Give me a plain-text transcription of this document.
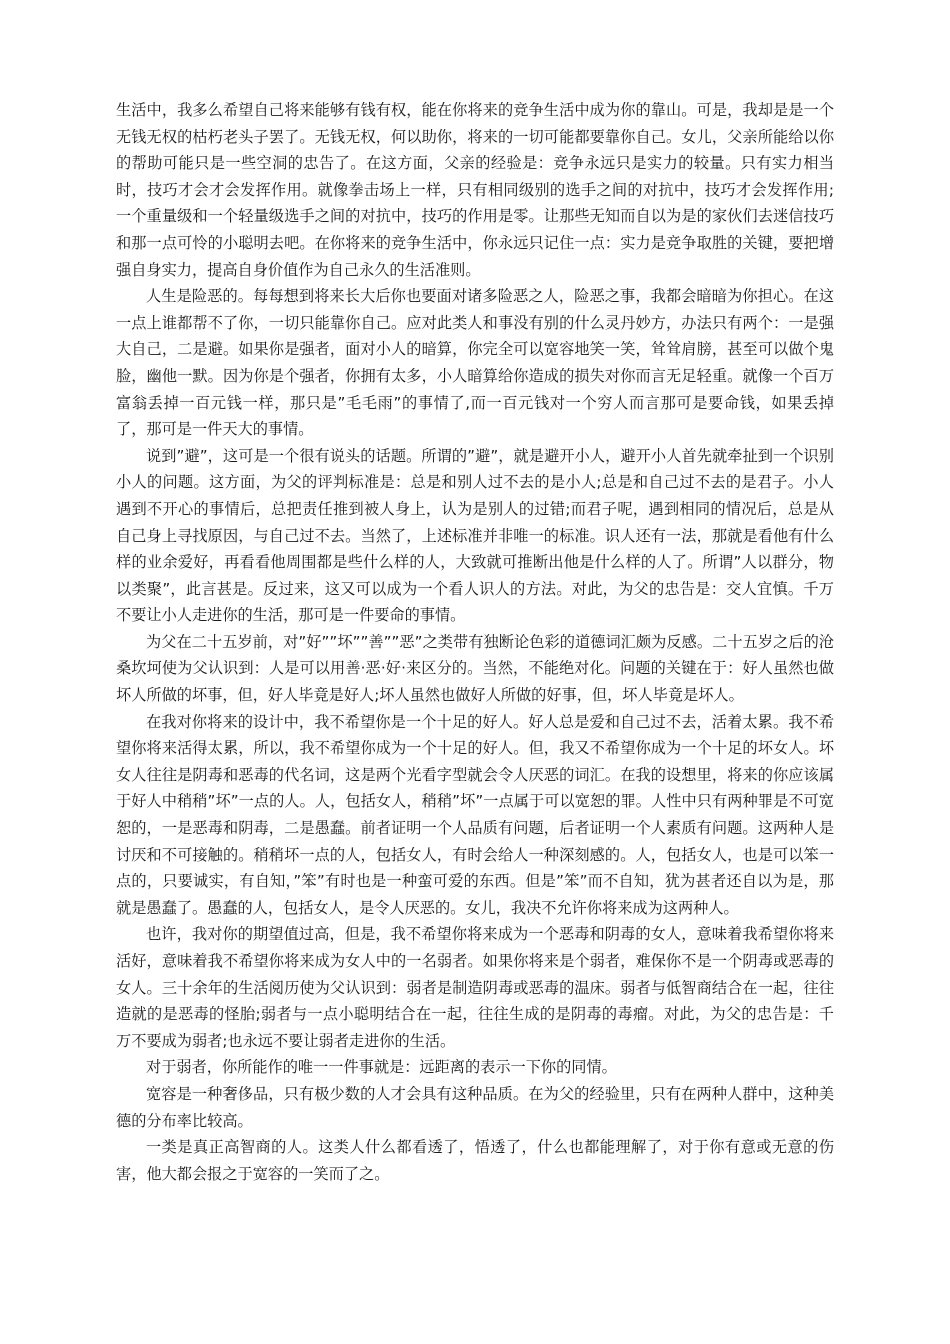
生活中，我多么希望自己将来能够有钱有权，能在你将来的竞争生活中成为你的靠山。可是，我却是是一个无钱无权的枯朽老头子罢了。无钱无权，何以助你，将来的一切可能都要靠你自己。女儿，父亲所能给以你的帮助可能只是一些空洞的忠告了。在这方面，父亲的经验是：竞争永远只是实力的较量。只有实力相当时，技巧才会才会发挥作用。就像拳击场上一样，只有相同级别的选手之间的对抗中，技巧才会发挥作用;一个重量级和一个轻量级选手之间的对抗中，技巧的作用是零。让那些无知而自以为是的家伙们去迷信技巧和那一点可怜的小聪明去吧。在你将来的竞争生活中，你永远只记住一点：实力是竞争取胜的关键，要把增强自身实力，提高自身价值作为自己永久的生活准则。

人生是险恶的。每每想到将来长大后你也要面对诸多险恶之人，险恶之事，我都会暗暗为你担心。在这一点上谁都帮不了你，一切只能靠你自己。应对此类人和事没有别的什么灵丹妙方，办法只有两个：一是强大自己，二是避。如果你是强者，面对小人的暗算，你完全可以宽容地笑一笑，耸耸肩膀，甚至可以做个鬼脸，幽他一默。因为你是个强者，你拥有太多，小人暗算给你造成的损失对你而言无足轻重。就像一个百万富翁丢掉一百元钱一样，那只是”毛毛雨”的事情了,而一百元钱对一个穷人而言那可是要命钱，如果丢掉了，那可是一件天大的事情。

说到”避”，这可是一个很有说头的话题。所谓的”避”，就是避开小人，避开小人首先就牵扯到一个识别小人的问题。这方面，为父的评判标准是：总是和别人过不去的是小人;总是和自己过不去的是君子。小人遇到不开心的事情后，总把责任推到被人身上，认为是别人的过错;而君子呢，遇到相同的情况后，总是从自己身上寻找原因，与自己过不去。当然了，上述标准并非唯一的标准。识人还有一法，那就是看他有什么样的业余爱好，再看看他周围都是些什么样的人，大致就可推断出他是什么样的人了。所谓”人以群分，物以类聚”，此言甚是。反过来，这又可以成为一个看人识人的方法。对此，为父的忠告是：交人宜慎。千万不要让小人走进你的生活，那可是一件要命的事情。

为父在二十五岁前，对”好””坏””善””恶”之类带有独断论色彩的道德词汇颇为反感。二十五岁之后的沧桑坎坷使为父认识到：人是可以用善·恶·好·来区分的。当然，不能绝对化。问题的关键在于：好人虽然也做坏人所做的坏事，但，好人毕竟是好人;坏人虽然也做好人所做的好事，但，坏人毕竟是坏人。

在我对你将来的设计中，我不希望你是一个十足的好人。好人总是爱和自己过不去，活着太累。我不希望你将来活得太累，所以，我不希望你成为一个十足的好人。但，我又不希望你成为一个十足的坏女人。坏女人往往是阴毒和恶毒的代名词，这是两个光看字型就会令人厌恶的词汇。在我的设想里，将来的你应该属于好人中稍稍”坏”一点的人。人，包括女人，稍稍”坏”一点属于可以宽恕的罪。人性中只有两种罪是不可宽恕的，一是恶毒和阴毒，二是愚蠢。前者证明一个人品质有问题，后者证明一个人素质有问题。这两种人是讨厌和不可接触的。稍稍坏一点的人，包括女人，有时会给人一种深刻感的。人，包括女人，也是可以笨一点的，只要诚实，有自知，”笨”有时也是一种蛮可爱的东西。但是”笨”而不自知，犹为甚者还自以为是，那就是愚蠢了。愚蠢的人，包括女人，是令人厌恶的。女儿，我决不允许你将来成为这两种人。

也许，我对你的期望值过高，但是，我不希望你将来成为一个恶毒和阴毒的女人，意味着我希望你将来活好，意味着我不希望你将来成为女人中的一名弱者。如果你将来是个弱者，难保你不是一个阴毒或恶毒的女人。三十余年的生活阅历使为父认识到：弱者是制造阴毒或恶毒的温床。弱者与低智商结合在一起，往往造就的是恶毒的怪胎;弱者与一点小聪明结合在一起，往往生成的是阴毒的毒瘤。对此，为父的忠告是：千万不要成为弱者;也永远不要让弱者走进你的生活。

对于弱者，你所能作的唯一一件事就是：远距离的表示一下你的同情。

宽容是一种奢侈品，只有极少数的人才会具有这种品质。在为父的经验里，只有在两种人群中，这种美德的分布率比较高。

一类是真正高智商的人。这类人什么都看透了，悟透了，什么也都能理解了，对于你有意或无意的伤害，他大都会报之于宽容的一笑而了之。
